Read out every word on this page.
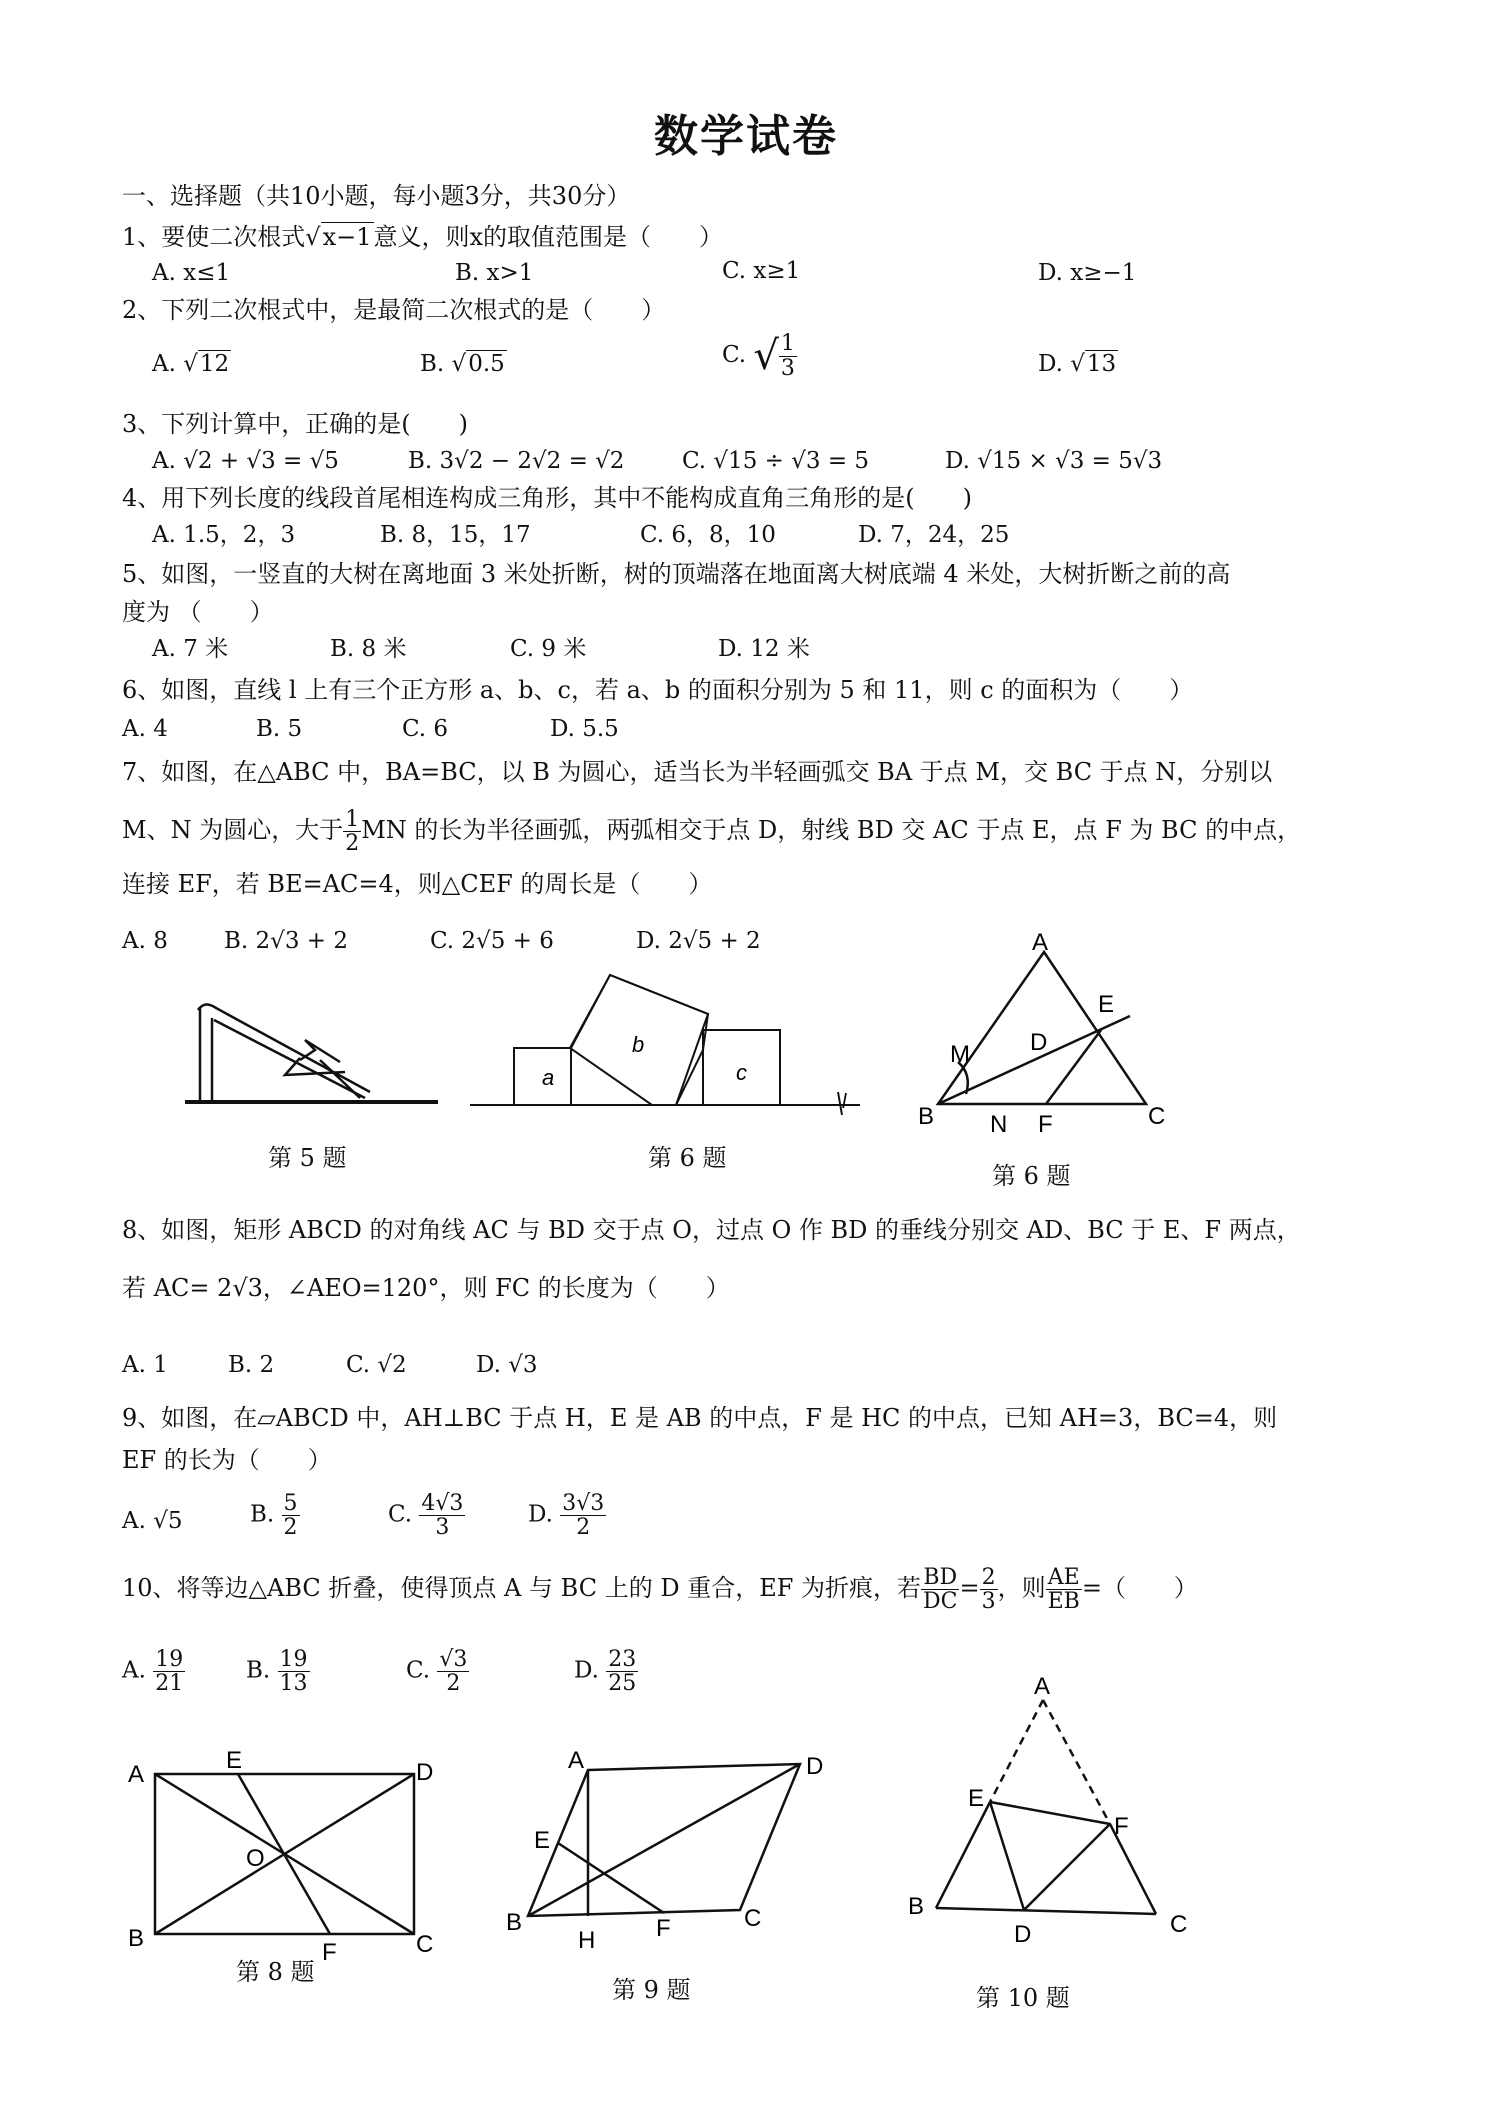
数学试卷
一、选择题（共10小题，每小题3分，共30分）
1、要使二次根式√x−1意义，则x的取值范围是（　　）
A. x≤1	B. x>1	C. x≥1	D. x≥−1
2、下列二次根式中，是最简二次根式的是（　　）
A. √12	B. √0.5	C. √ $\frac{1}{3}$	D. √13
3、下列计算中，正确的是(　　)
A. √2 + √3 = √5	B. 3√2 − 2√2 = √2	C. √15 ÷ √3 = 5	D. √15 × √3 = 5√3
4、用下列长度的线段首尾相连构成三角形，其中不能构成直角三角形的是(　　)
A. 1.5，2，3	B. 8，15，17	C. 6，8，10	D. 7，24，25
5、如图，一竖直的大树在离地面 3 米处折断，树的顶端落在地面离大树底端 4 米处，大树折断之前的高
度为 （　　）
A. 7 米	B. 8 米	C. 9 米	D. 12 米
6、如图，直线 l 上有三个正方形 a、b、c，若 a、b 的面积分别为 5 和 11，则 c 的面积为（　　）
A. 4	B. 5	C. 6	D. 5.5
7、如图，在△ABC 中，BA=BC，以 B 为圆心，适当长为半轻画弧交 BA 于点 M，交 BC 于点 N，分别以
M、N 为圆心，大于 $\frac{1}{2}$ MN 的长为半径画弧，两弧相交于点 D，射线 BD 交 AC 于点 E，点 F 为 BC 的中点，
连接 EF，若 BE=AC=4，则△CEF 的周长是（　　）
A. 8 B. 2√3 + 2	C. 2√5 + 6	D. 2√5 + 2
a
b
c
l
A
E
M	D
B N F	C
第 5 题	第 6 题
第 6 题
8、如图，矩形 ABCD 的对角线 AC 与 BD 交于点 O，过点 O 作 BD 的垂线分别交 AD、BC 于 E、F 两点，
若 AC= 2√3，∠AEO=120°，则 FC 的长度为（　　）
A. 1	B. 2	C. √2	D. √3
9、如图，在▱ABCD 中，AH⊥BC 于点 H，E 是 AB 的中点，F 是 HC 的中点，已知 AH=3，BC=4，则
EF 的长为（　　）
A. √5	B. $\frac{5}{2}$	C. $\frac{4√3}{3}$	D. $\frac{3√3}{2}$
10、将等边△ABC 折叠，使得顶点 A 与 BC 上的 D 重合，EF 为折痕，若 $\frac{BD}{DC} = \frac{2}{3}$ ，则 $\frac{AE}{EB}$ =（　　）
A. $\frac{19}{21}$	B. $\frac{19}{13}$	C. $\frac{√3}{2}$	D. $\frac{23}{25}$
A
E	D
O
B
F	C
A	D
E
B
H	F	C
A
E
F
B
D	C
第 8 题
第 9 题	第 10 题
